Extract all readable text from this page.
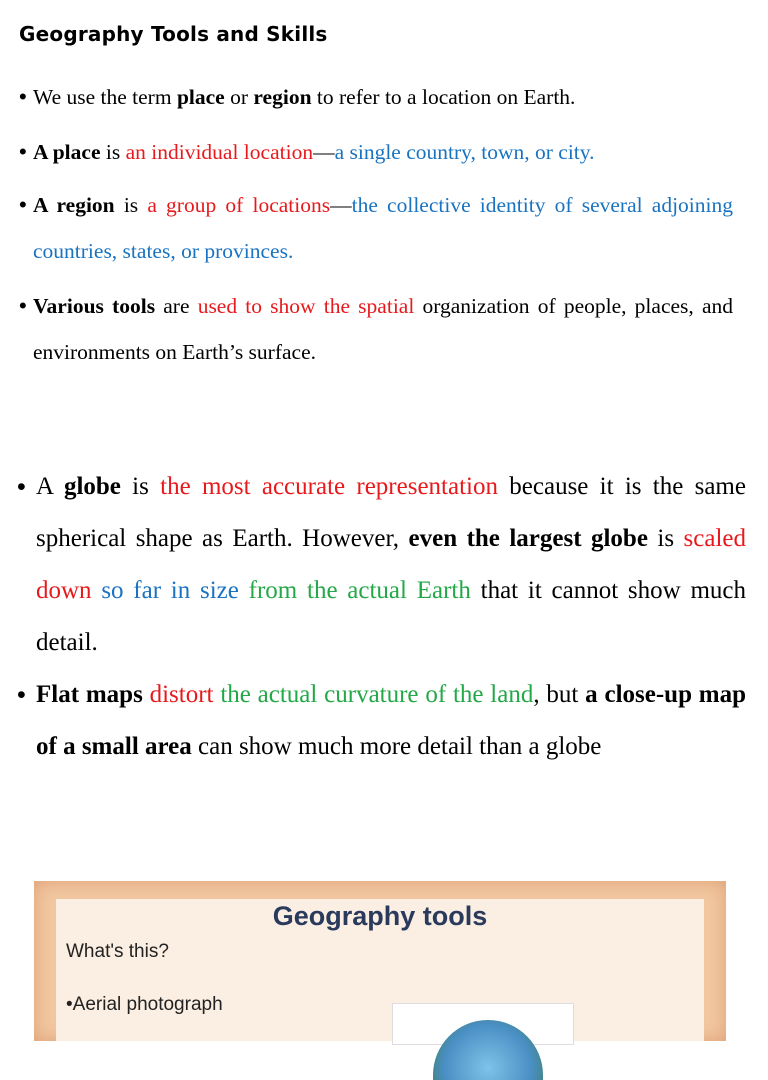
Geography Tools and Skills
• We use the term place or region to refer to a location on Earth.
• A place is an individual location—a single country, town, or city.
• A region is a group of locations—the collective identity of several adjoining countries, states, or provinces.
• Various tools are used to show the spatial organization of people, places, and environments on Earth’s surface.
• A globe is the most accurate representation because it is the same spherical shape as Earth. However, even the largest globe is scaled down so far in size from the actual Earth that it cannot show much detail.
• Flat maps distort the actual curvature of the land, but a close-up map of a small area can show much more detail than a globe
Geography tools
What's this?
•Aerial photograph
